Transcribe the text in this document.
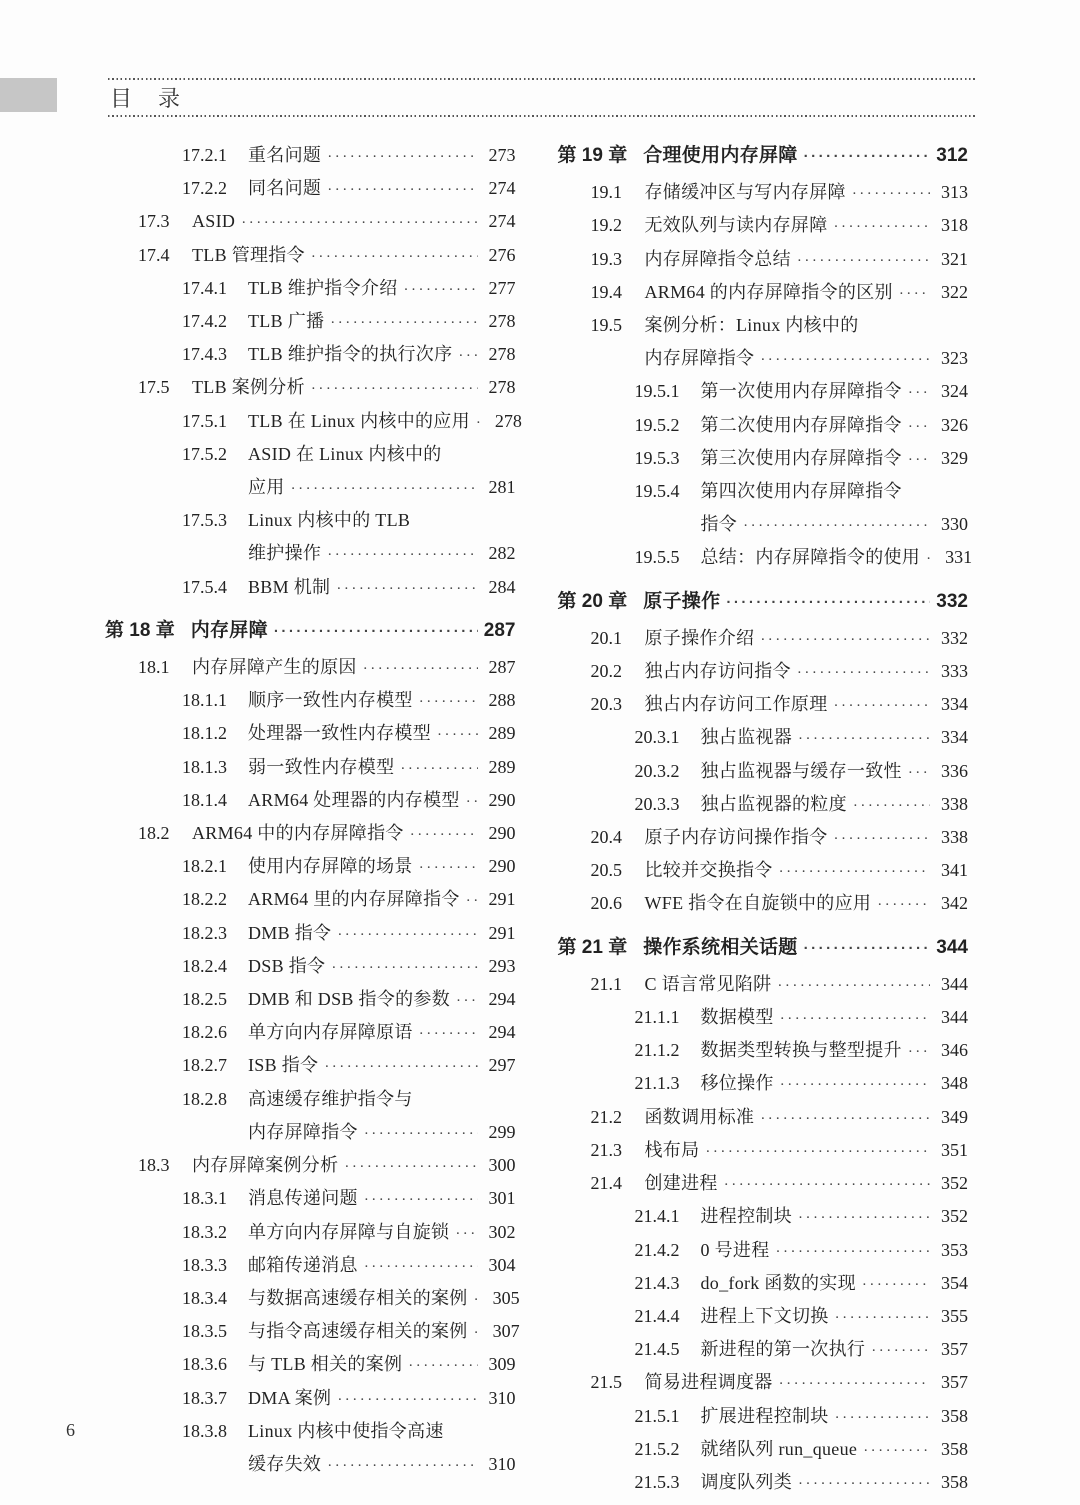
目　录
17.2.1	重名问题 ·····	273
17.2.2	同名问题 ·····	274
17.3	ASID ·····	274
17.4	TLB 管理指令 ·····	276
17.4.1	TLB 维护指令介绍 ·····	277
17.4.2	TLB 广播 ·····	278
17.4.3	TLB 维护指令的执行次序 ·····	278
17.5	TLB 案例分析 ·····	278
17.5.1	TLB 在 Linux 内核中的应用 ·····	278
17.5.2	ASID 在 Linux 内核中的
应用 ·····	281
17.5.3	Linux 内核中的 TLB
维护操作 ·····	282
17.5.4	BBM 机制 ·····	284
第 18 章 内存屏障 ·····	287
18.1	内存屏障产生的原因 ·····	287
18.1.1	顺序一致性内存模型 ·····	288
18.1.2	处理器一致性内存模型 ·····	289
18.1.3	弱一致性内存模型 ·····	289
18.1.4	ARM64 处理器的内存模型 ·····	290
18.2	ARM64 中的内存屏障指令 ·····	290
18.2.1	使用内存屏障的场景 ·····	290
18.2.2	ARM64 里的内存屏障指令 ·····	291
18.2.3	DMB 指令 ·····	291
18.2.4	DSB 指令 ·····	293
18.2.5	DMB 和 DSB 指令的参数 ·····	294
18.2.6	单方向内存屏障原语 ·····	294
18.2.7	ISB 指令 ·····	297
18.2.8	高速缓存维护指令与
内存屏障指令 ·····	299
18.3	内存屏障案例分析 ·····	300
18.3.1	消息传递问题 ·····	301
18.3.2	单方向内存屏障与自旋锁 ·····	302
18.3.3	邮箱传递消息 ·····	304
18.3.4	与数据高速缓存相关的案例 ·····	305
18.3.5	与指令高速缓存相关的案例 ·····	307
18.3.6	与 TLB 相关的案例 ·····	309
18.3.7	DMA 案例 ·····	310
18.3.8	Linux 内核中使指令高速
缓存失效 ·····	310
第 19 章 合理使用内存屏障 ·····	312
19.1	存储缓冲区与写内存屏障 ·····	313
19.2	无效队列与读内存屏障 ·····	318
19.3	内存屏障指令总结 ·····	321
19.4	ARM64 的内存屏障指令的区别 ·····	322
19.5	案例分析：Linux 内核中的
内存屏障指令 ·····	323
19.5.1	第一次使用内存屏障指令 ·····	324
19.5.2	第二次使用内存屏障指令 ·····	326
19.5.3	第三次使用内存屏障指令 ·····	329
19.5.4	第四次使用内存屏障指令
指令 ·····	330
19.5.5	总结：内存屏障指令的使用 ·····	331
第 20 章 原子操作 ·····	332
20.1	原子操作介绍 ·····	332
20.2	独占内存访问指令 ·····	333
20.3	独占内存访问工作原理 ·····	334
20.3.1	独占监视器 ·····	334
20.3.2	独占监视器与缓存一致性 ·····	336
20.3.3	独占监视器的粒度 ·····	338
20.4	原子内存访问操作指令 ·····	338
20.5	比较并交换指令 ·····	341
20.6	WFE 指令在自旋锁中的应用 ·····	342
第 21 章 操作系统相关话题 ·····	344
21.1	C 语言常见陷阱 ·····	344
21.1.1	数据模型 ·····	344
21.1.2	数据类型转换与整型提升 ·····	346
21.1.3	移位操作 ·····	348
21.2	函数调用标准 ·····	349
21.3	栈布局 ·····	351
21.4	创建进程 ·····	352
21.4.1	进程控制块 ·····	352
21.4.2	0 号进程 ·····	353
21.4.3	do_fork 函数的实现 ·····	354
21.4.4	进程上下文切换 ·····	355
21.4.5	新进程的第一次执行 ·····	357
21.5	简易进程调度器 ·····	357
21.5.1	扩展进程控制块 ·····	358
21.5.2	就绪队列 run_queue ·····	358
21.5.3	调度队列类 ·····	358
6
